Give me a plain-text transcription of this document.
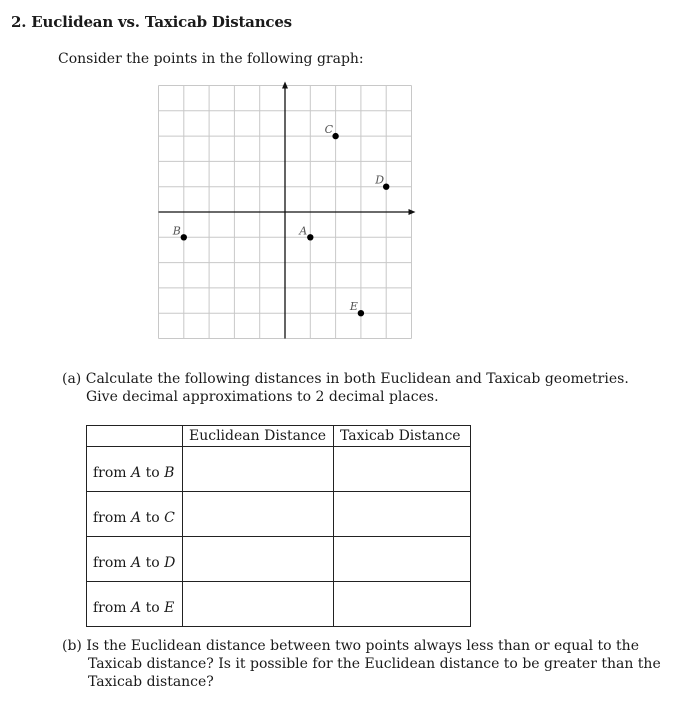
2. Euclidean vs. Taxicab Distances
Consider the points in the following graph:
A
B
C
D
E
(a) Calculate the following distances in both Euclidean and Taxicab geometries.
Give decimal approximations to 2 decimal places.
	Euclidean Distance	Taxicab Distance
from A to B		
from A to C		
from A to D		
from A to E		
(b) Is the Euclidean distance between two points always less than or equal to the
Taxicab distance? Is it possible for the Euclidean distance to be greater than the
Taxicab distance?
